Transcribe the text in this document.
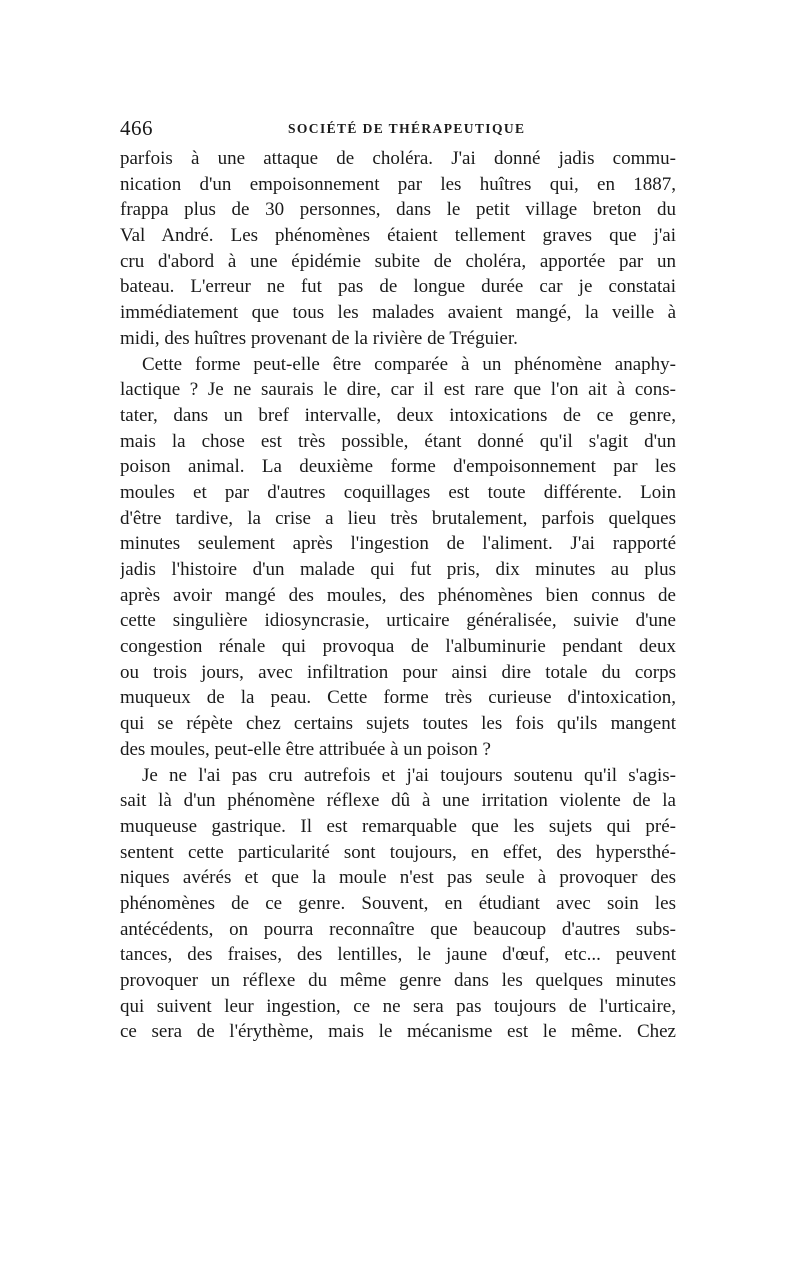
466	SOCIÉTÉ DE THÉRAPEUTIQUE
parfois à une attaque de choléra. J'ai donné jadis commu-
nication d'un empoisonnement par les huîtres qui, en 1887,
frappa plus de 30 personnes, dans le petit village breton du
Val André. Les phénomènes étaient tellement graves que j'ai
cru d'abord à une épidémie subite de choléra, apportée par un
bateau. L'erreur ne fut pas de longue durée car je constatai
immédiatement que tous les malades avaient mangé, la veille à
midi, des huîtres provenant de la rivière de Tréguier.
Cette forme peut-elle être comparée à un phénomène anaphy-
lactique ? Je ne saurais le dire, car il est rare que l'on ait à cons-
tater, dans un bref intervalle, deux intoxications de ce genre,
mais la chose est très possible, étant donné qu'il s'agit d'un
poison animal. La deuxième forme d'empoisonnement par les
moules et par d'autres coquillages est toute différente. Loin
d'être tardive, la crise a lieu très brutalement, parfois quelques
minutes seulement après l'ingestion de l'aliment. J'ai rapporté
jadis l'histoire d'un malade qui fut pris, dix minutes au plus
après avoir mangé des moules, des phénomènes bien connus de
cette singulière idiosyncrasie, urticaire généralisée, suivie d'une
congestion rénale qui provoqua de l'albuminurie pendant deux
ou trois jours, avec infiltration pour ainsi dire totale du corps
muqueux de la peau. Cette forme très curieuse d'intoxication,
qui se répète chez certains sujets toutes les fois qu'ils mangent
des moules, peut-elle être attribuée à un poison ?
Je ne l'ai pas cru autrefois et j'ai toujours soutenu qu'il s'agis-
sait là d'un phénomène réflexe dû à une irritation violente de la
muqueuse gastrique. Il est remarquable que les sujets qui pré-
sentent cette particularité sont toujours, en effet, des hypersthé-
niques avérés et que la moule n'est pas seule à provoquer des
phénomènes de ce genre. Souvent, en étudiant avec soin les
antécédents, on pourra reconnaître que beaucoup d'autres subs-
tances, des fraises, des lentilles, le jaune d'œuf, etc... peuvent
provoquer un réflexe du même genre dans les quelques minutes
qui suivent leur ingestion, ce ne sera pas toujours de l'urticaire,
ce sera de l'érythème, mais le mécanisme est le même. Chez
